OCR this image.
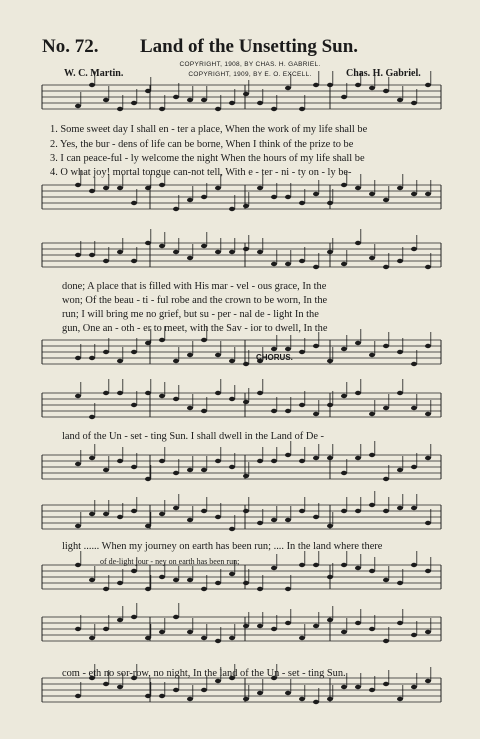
No. 72. Land of the Unsetting Sun.
COPYRIGHT, 1908, BY CHAS. H. GABRIEL.
COPYRIGHT, 1909, BY E. O. EXCELL.
W. C. Martin.	Chas. H. Gabriel.
1. Some sweet day I shall en - ter a place, When the work of my life shall be
2. Yes, the bur - dens of life can be borne, When I think of the prize to be
3. I can peace-ful - ly welcome the night When the hours of my life shall be
4. O what joy! mortal tongue can-not tell, With e - ter - ni - ty on - ly be-
done; A place that is filled with His mar - vel - ous grace, In the
won; Of the beau - ti - ful robe and the crown to be worn, In the
run; I will bring me no grief, but su - per - nal de - light In the
gun, One an - oth - er to meet, with the Sav - ior to dwell, In the
CHORUS.
land of the Un - set - ting Sun. I shall dwell in the Land of De -
light ...... When my journey on earth has been run; .... In the land where there
of de-light jour - ney on earth has been run;
com - eth no sor-row, no night, In the land of the Un - set - ting Sun.
